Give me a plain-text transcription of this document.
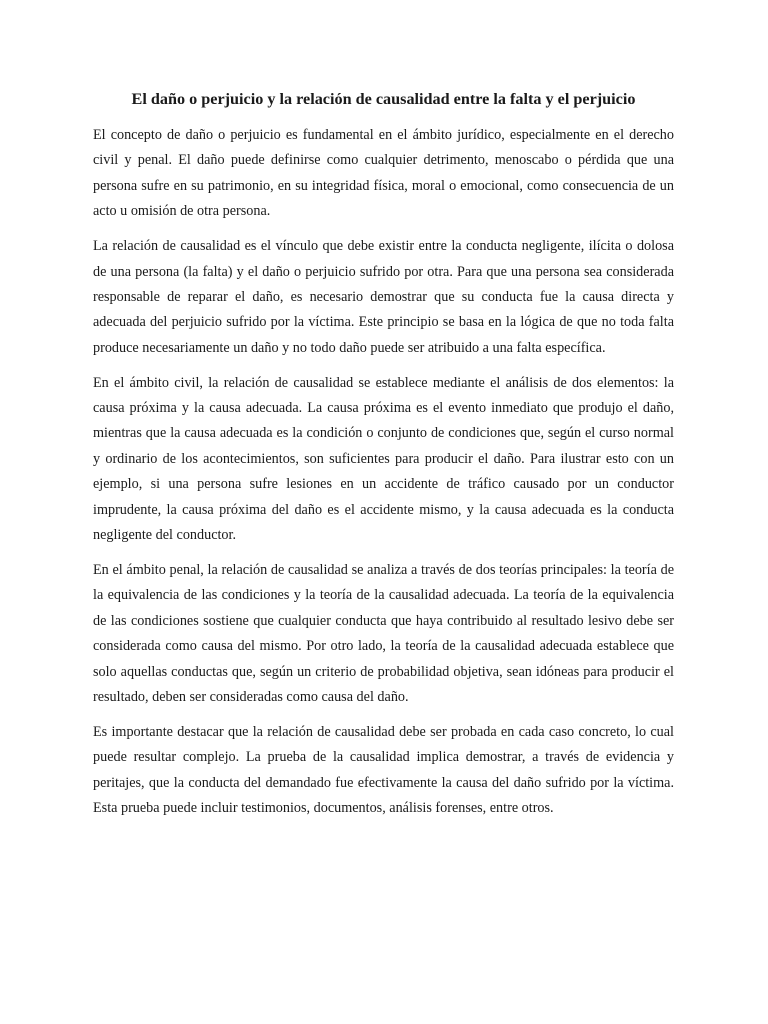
El daño o perjuicio y la relación de causalidad entre la falta y el perjuicio

El concepto de daño o perjuicio es fundamental en el ámbito jurídico, especialmente en el derecho civil y penal. El daño puede definirse como cualquier detrimento, menoscabo o pérdida que una persona sufre en su patrimonio, en su integridad física, moral o emocional, como consecuencia de un acto u omisión de otra persona.

La relación de causalidad es el vínculo que debe existir entre la conducta negligente, ilícita o dolosa de una persona (la falta) y el daño o perjuicio sufrido por otra. Para que una persona sea considerada responsable de reparar el daño, es necesario demostrar que su conducta fue la causa directa y adecuada del perjuicio sufrido por la víctima. Este principio se basa en la lógica de que no toda falta produce necesariamente un daño y no todo daño puede ser atribuido a una falta específica.

En el ámbito civil, la relación de causalidad se establece mediante el análisis de dos elementos: la causa próxima y la causa adecuada. La causa próxima es el evento inmediato que produjo el daño, mientras que la causa adecuada es la condición o conjunto de condiciones que, según el curso normal y ordinario de los acontecimientos, son suficientes para producir el daño. Para ilustrar esto con un ejemplo, si una persona sufre lesiones en un accidente de tráfico causado por un conductor imprudente, la causa próxima del daño es el accidente mismo, y la causa adecuada es la conducta negligente del conductor.

En el ámbito penal, la relación de causalidad se analiza a través de dos teorías principales: la teoría de la equivalencia de las condiciones y la teoría de la causalidad adecuada. La teoría de la equivalencia de las condiciones sostiene que cualquier conducta que haya contribuido al resultado lesivo debe ser considerada como causa del mismo. Por otro lado, la teoría de la causalidad adecuada establece que solo aquellas conductas que, según un criterio de probabilidad objetiva, sean idóneas para producir el resultado, deben ser consideradas como causa del daño.

Es importante destacar que la relación de causalidad debe ser probada en cada caso concreto, lo cual puede resultar complejo. La prueba de la causalidad implica demostrar, a través de evidencia y peritajes, que la conducta del demandado fue efectivamente la causa del daño sufrido por la víctima. Esta prueba puede incluir testimonios, documentos, análisis forenses, entre otros.
